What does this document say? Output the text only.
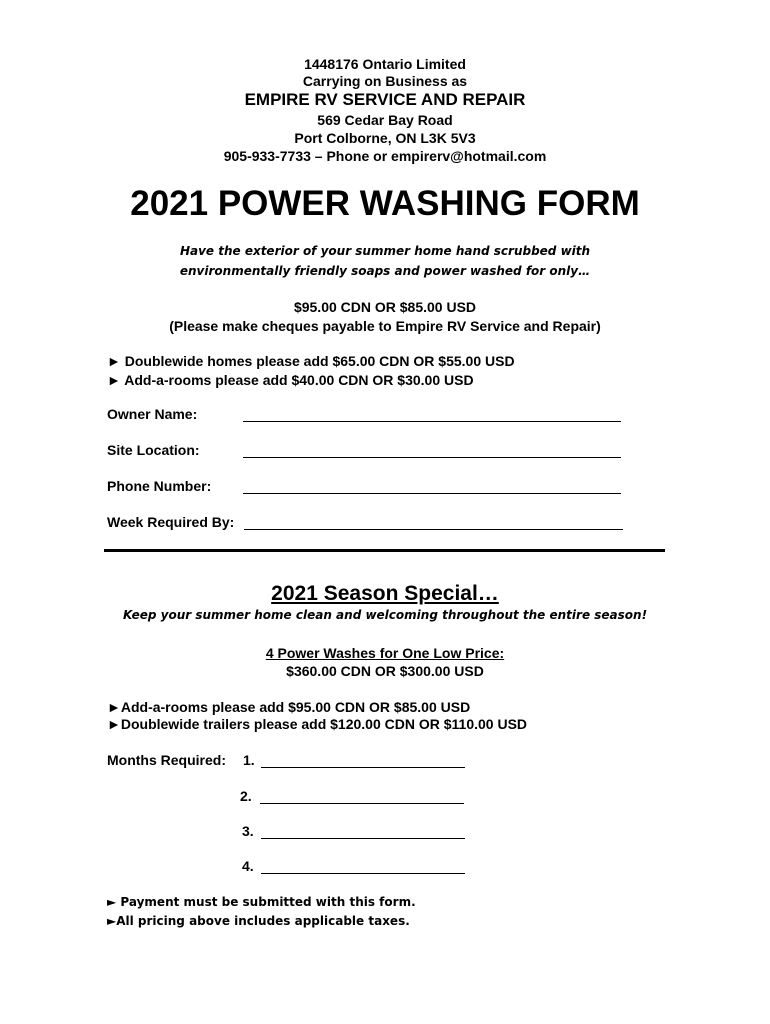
1448176 Ontario Limited
Carrying on Business as
EMPIRE RV SERVICE AND REPAIR
569 Cedar Bay Road
Port Colborne, ON L3K 5V3
905-933-7733 – Phone or empirerv@hotmail.com
2021 POWER WASHING FORM
Have the exterior of your summer home hand scrubbed with
environmentally friendly soaps and power washed for only…
$95.00 CDN OR $85.00 USD
(Please make cheques payable to Empire RV Service and Repair)
► Doublewide homes please add $65.00 CDN OR $55.00 USD
► Add-a-rooms please add $40.00 CDN OR $30.00 USD
Owner Name:
Site Location:
Phone Number:
Week Required By:
2021 Season Special…
Keep your summer home clean and welcoming throughout the entire season!
4 Power Washes for One Low Price:
$360.00 CDN OR $300.00 USD
►Add-a-rooms please add $95.00 CDN OR $85.00 USD
►Doublewide trailers please add $120.00 CDN OR $110.00 USD
Months Required: 1.
2.
3.
4.
► Payment must be submitted with this form.
►All pricing above includes applicable taxes.
